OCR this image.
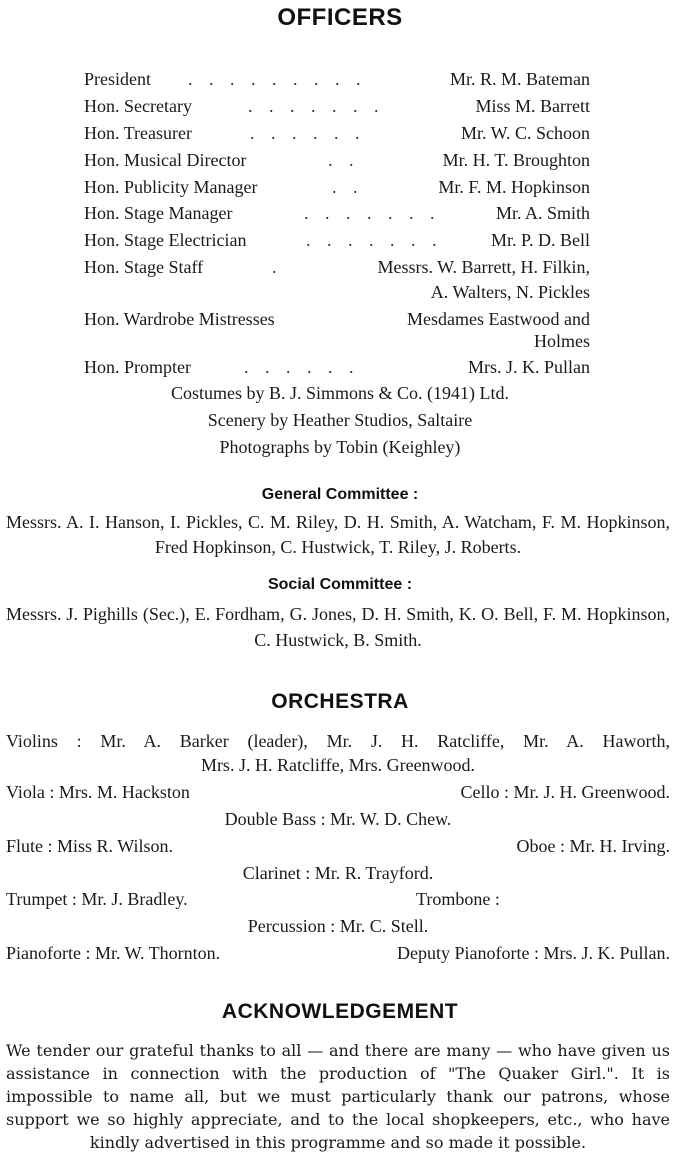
OFFICERS
President . . . . . . . . .	Mr. R. M. Bateman
Hon. Secretary	. . . . . . .	Miss M. Barrett
Hon. Treasurer	. . . . . .	Mr. W. C. Schoon
Hon. Musical Director	. .	Mr. H. T. Broughton
Hon. Publicity Manager	. .	Mr. F. M. Hopkinson
Hon. Stage Manager	. . . . . . .	Mr. A. Smith
Hon. Stage Electrician	. . . . . . .	Mr. P. D. Bell
Hon. Stage Staff	.	Messrs. W. Barrett, H. Filkin,
A. Walters, N. Pickles
Hon. Wardrobe Mistresses	Mesdames Eastwood and
Holmes
Hon. Prompter	. . . . . .	Mrs. J. K. Pullan
Costumes by B. J. Simmons & Co. (1941) Ltd.
Scenery by Heather Studios, Saltaire
Photographs by Tobin (Keighley)
General Committee :
Messrs. A. I. Hanson, I. Pickles, C. M. Riley, D. H. Smith, A. Watcham, F. M. Hopkinson, Fred Hopkinson, C. Hustwick, T. Riley, J. Roberts.
Social Committee :
Messrs. J. Pighills (Sec.), E. Fordham, G. Jones, D. H. Smith, K. O. Bell, F. M. Hopkinson, C. Hustwick, B. Smith.
ORCHESTRA
Violins : Mr. A. Barker (leader), Mr. J. H. Ratcliffe, Mr. A. Haworth,
Mrs. J. H. Ratcliffe, Mrs. Greenwood.
Viola : Mrs. M. Hackston	Cello : Mr. J. H. Greenwood.
Double Bass : Mr. W. D. Chew.
Flute : Miss R. Wilson.	Oboe : Mr. H. Irving.
Clarinet : Mr. R. Trayford.
Trumpet : Mr. J. Bradley.	Trombone :
Percussion : Mr. C. Stell.
Pianoforte : Mr. W. Thornton.	Deputy Pianoforte : Mrs. J. K. Pullan.
ACKNOWLEDGEMENT
We tender our grateful thanks to all — and there are many — who have given us assistance in connection with the production of "The Quaker Girl.". It is impossible to name all, but we must particularly thank our patrons, whose support we so highly appreciate, and to the local shopkeepers, etc., who have kindly advertised in this programme and so made it possible.
